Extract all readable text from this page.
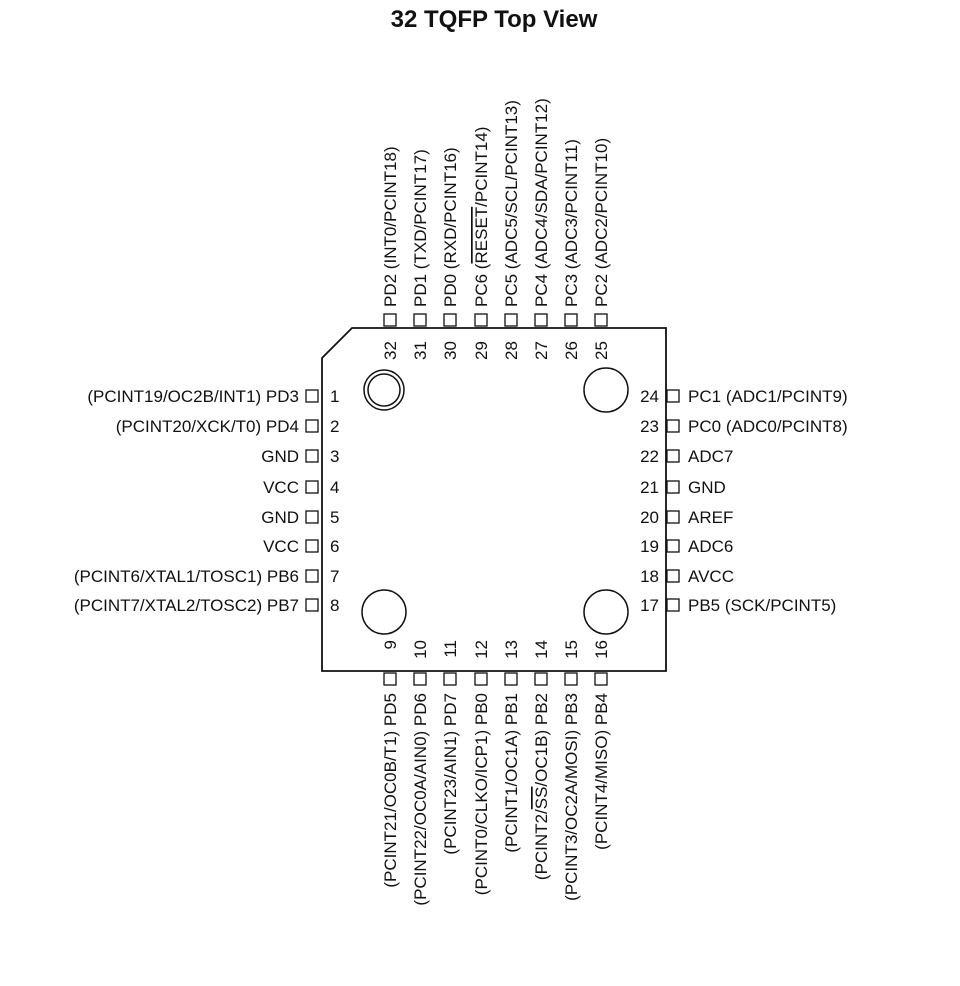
32 TQFP Top View
1
(PCINT19/OC2B/INT1) PD3
2
(PCINT20/XCK/T0) PD4
3
GND
4
VCC
5
GND
6
VCC
7
(PCINT6/XTAL1/TOSC1) PB6
8
(PCINT7/XTAL2/TOSC2) PB7
24 PC1 (ADC1/PCINT9)
23 PC0 (ADC0/PCINT8)
22 ADC7
21 GND
20 AREF
19 ADC6
18 AVCC
17 PB5 (SCK/PCINT5)
32
PD2 (INT0/PCINT18)
31
PD1 (TXD/PCINT17)
30
PD0 (RXD/PCINT16)
29
PC6 (RESET/PCINT14)
28
PC5 (ADC5/SCL/PCINT13)
27
PC4 (ADC4/SDA/PCINT12)
26
PC3 (ADC3/PCINT11)
25
PC2 (ADC2/PCINT10)
9
(PCINT21/OC0B/T1) PD5
10
(PCINT22/OC0A/AIN0) PD6
11
(PCINT23/AIN1) PD7
12
(PCINT0/CLKO/ICP1) PB0
13
(PCINT1/OC1A) PB1
14
(PCINT2/SS/OC1B) PB2
15
(PCINT3/OC2A/MOSI) PB3
16
(PCINT4/MISO) PB4
